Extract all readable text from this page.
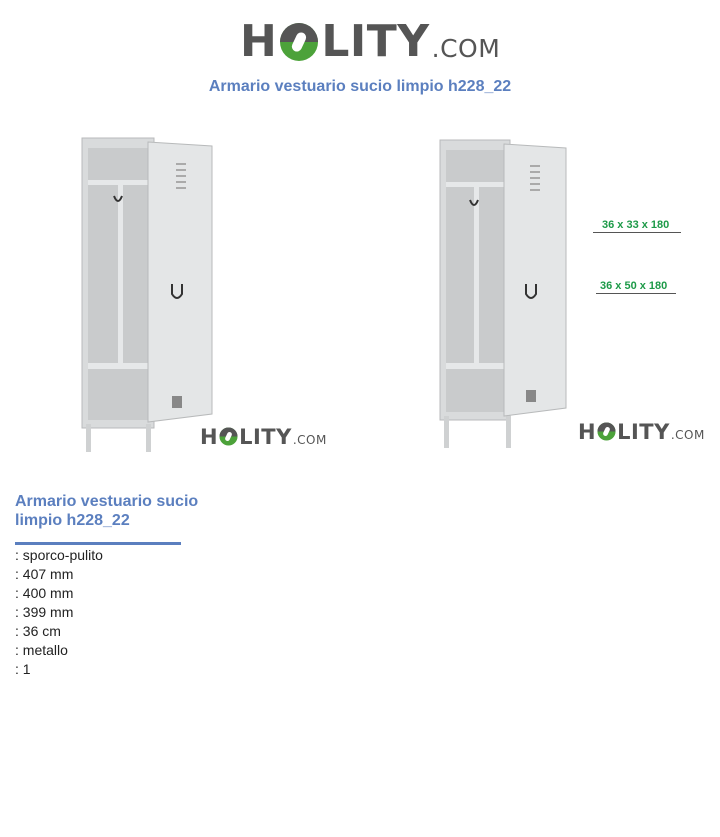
H LITY .COM
Armario vestuario sucio limpio h228_22
H LITY .COM
36 x 33 x 180
36 x 50 x 180
H LITY .COM
Armario vestuario sucio limpio h228_22
: sporco-pulito
: 407 mm
: 400 mm
: 399 mm
: 36 cm
: metallo
: 1
